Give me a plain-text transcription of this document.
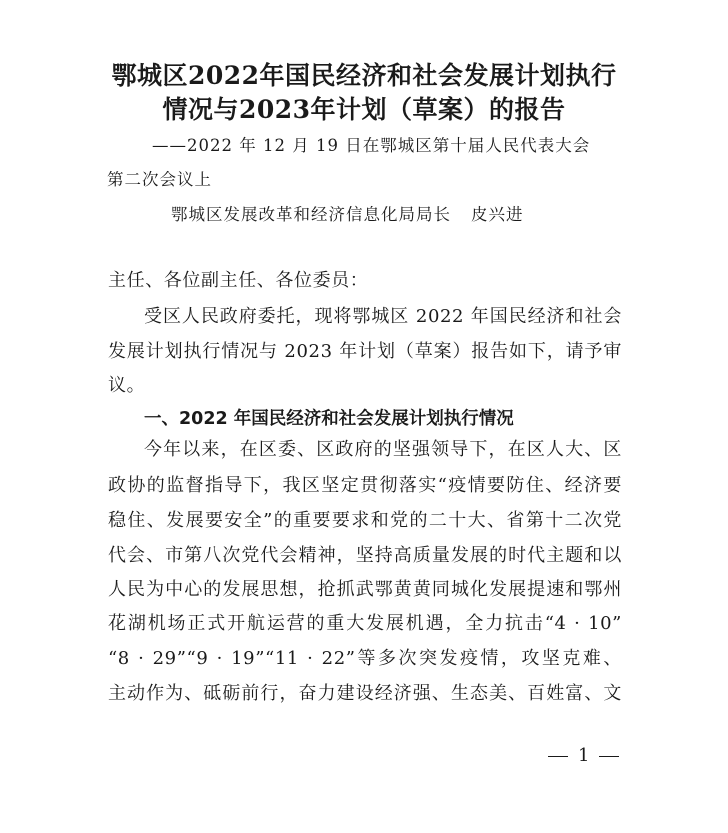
鄂城区2022年国民经济和社会发展计划执行
情况与2023年计划（草案）的报告
——2022 年 12 月 19 日在鄂城区第十届人民代表大会
第二次会议上
鄂城区发展改革和经济信息化局局长 皮兴进
主任、各位副主任、各位委员：
受区人民政府委托，现将鄂城区 2022 年国民经济和社会
发展计划执行情况与 2023 年计划（草案）报告如下，请予审
议。
一、2022 年国民经济和社会发展计划执行情况
今年以来，在区委、区政府的坚强领导下，在区人大、区
政协的监督指导下，我区坚定贯彻落实“疫情要防住、经济要
稳住、发展要安全”的重要要求和党的二十大、省第十二次党
代会、市第八次党代会精神，坚持高质量发展的时代主题和以
人民为中心的发展思想，抢抓武鄂黄黄同城化发展提速和鄂州
花湖机场正式开航运营的重大发展机遇，全力抗击“4 · 10”
“8 · 29”“9 · 19”“11 · 22”等多次突发疫情，攻坚克难、
主动作为、砥砺前行，奋力建设经济强、生态美、百姓富、文
1
